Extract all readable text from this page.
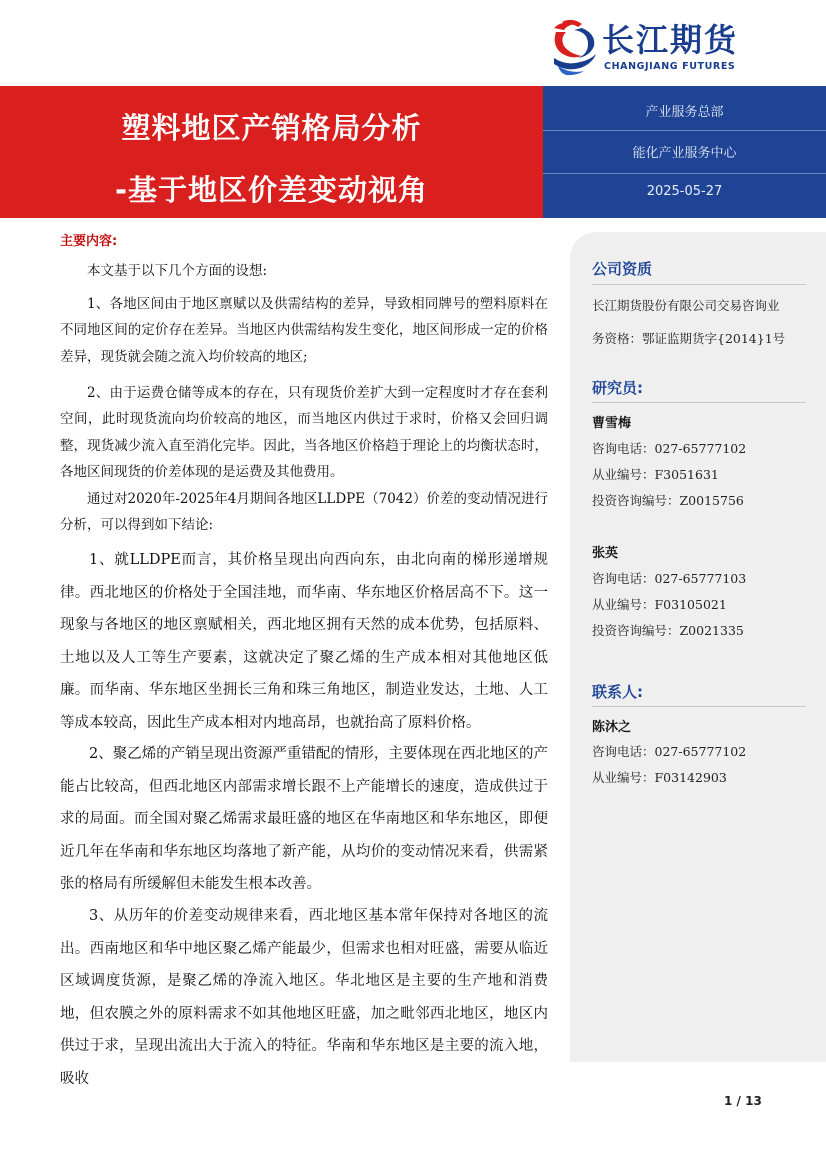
长江期货
CHANGJIANG FUTURES
塑料地区产销格局分析
-基于地区价差变动视角
产业服务总部
能化产业服务中心
2025-05-27
主要内容:

本文基于以下几个方面的设想:

1、各地区间由于地区禀赋以及供需结构的差异，导致相同牌号的塑料原料在不同地区间的定价存在差异。当地区内供需结构发生变化，地区间形成一定的价格差异，现货就会随之流入均价较高的地区;

2、由于运费仓储等成本的存在，只有现货价差扩大到一定程度时才存在套利空间，此时现货流向均价较高的地区，而当地区内供过于求时，价格又会回归调整，现货减少流入直至消化完毕。因此，当各地区价格趋于理论上的均衡状态时，各地区间现货的价差体现的是运费及其他费用。

通过对2020年-2025年4月期间各地区LLDPE（7042）价差的变动情况进行分析，可以得到如下结论:

1、就LLDPE而言，其价格呈现出向西向东，由北向南的梯形递增规律。西北地区的价格处于全国洼地，而华南、华东地区价格居高不下。这一现象与各地区的地区禀赋相关，西北地区拥有天然的成本优势，包括原料、土地以及人工等生产要素，这就决定了聚乙烯的生产成本相对其他地区低廉。而华南、华东地区坐拥长三角和珠三角地区，制造业发达，土地、人工等成本较高，因此生产成本相对内地高昂，也就抬高了原料价格。

2、聚乙烯的产销呈现出资源严重错配的情形，主要体现在西北地区的产能占比较高，但西北地区内部需求增长跟不上产能增长的速度，造成供过于求的局面。而全国对聚乙烯需求最旺盛的地区在华南地区和华东地区，即便近几年在华南和华东地区均落地了新产能，从均价的变动情况来看，供需紧张的格局有所缓解但未能发生根本改善。

3、从历年的价差变动规律来看，西北地区基本常年保持对各地区的流出。西南地区和华中地区聚乙烯产能最少，但需求也相对旺盛，需要从临近区域调度货源，是聚乙烯的净流入地区。华北地区是主要的生产地和消费地，但农膜之外的原料需求不如其他地区旺盛，加之毗邻西北地区，地区内供过于求，呈现出流出大于流入的特征。华南和华东地区是主要的流入地，吸收

公司资质
长江期货股份有限公司交易咨询业
务资格：鄂证监期货字{2014}1号
研究员:
曹雪梅
咨询电话：027-65777102
从业编号：F3051631
投资咨询编号：Z0015756
张英
咨询电话：027-65777103
从业编号：F03105021
投资咨询编号：Z0021335
联系人:
陈沐之
咨询电话：027-65777102
从业编号：F03142903
1 / 13
